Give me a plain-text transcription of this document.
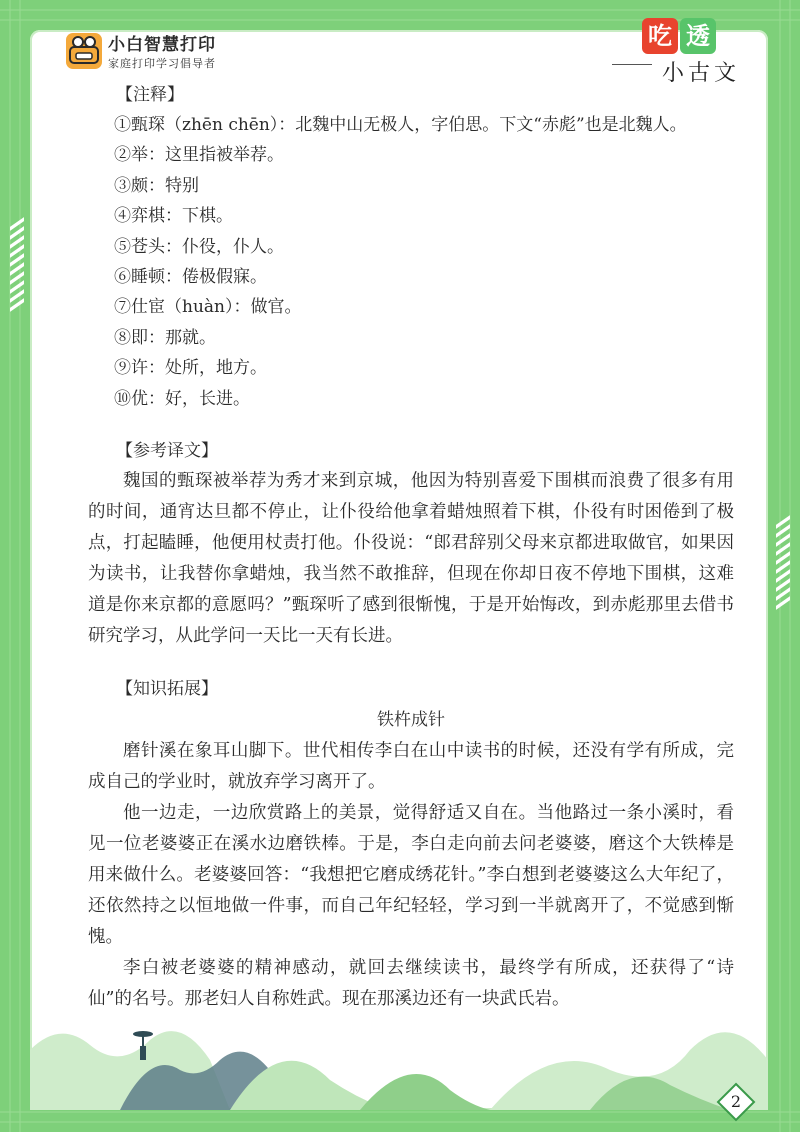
小白智慧打印
家庭打印学习倡导者
吃 透
小古文
【注释】
①甄琛（zhēn chēn）：北魏中山无极人，字伯思。下文“赤彪”也是北魏人。
②举：这里指被举荐。
③颇：特别
④弈棋：下棋。
⑤苍头：仆役，仆人。
⑥睡顿：倦极假寐。
⑦仕宦（huàn）：做官。
⑧即：那就。
⑨许：处所，地方。
⑩优：好，长进。
【参考译文】
魏国的甄琛被举荐为秀才来到京城，他因为特别喜爱下围棋而浪费了很多有用的时间，通宵达旦都不停止，让仆役给他拿着蜡烛照着下棋，仆役有时困倦到了极点，打起瞌睡，他便用杖责打他。仆役说：“郎君辞别父母来京都进取做官，如果因为读书，让我替你拿蜡烛，我当然不敢推辞，但现在你却日夜不停地下围棋，这难道是你来京都的意愿吗？”甄琛听了感到很惭愧，于是开始悔改，到赤彪那里去借书研究学习，从此学问一天比一天有长进。
【知识拓展】
铁杵成针
磨针溪在象耳山脚下。世代相传李白在山中读书的时候，还没有学有所成，完成自己的学业时，就放弃学习离开了。
他一边走，一边欣赏路上的美景，觉得舒适又自在。当他路过一条小溪时，看见一位老婆婆正在溪水边磨铁棒。于是，李白走向前去问老婆婆，磨这个大铁棒是用来做什么。老婆婆回答：“我想把它磨成绣花针。”李白想到老婆婆这么大年纪了，还依然持之以恒地做一件事，而自己年纪轻轻，学习到一半就离开了，不觉感到惭愧。
李白被老婆婆的精神感动，就回去继续读书，最终学有所成，还获得了“诗仙”的名号。那老妇人自称姓武。现在那溪边还有一块武氏岩。
2
